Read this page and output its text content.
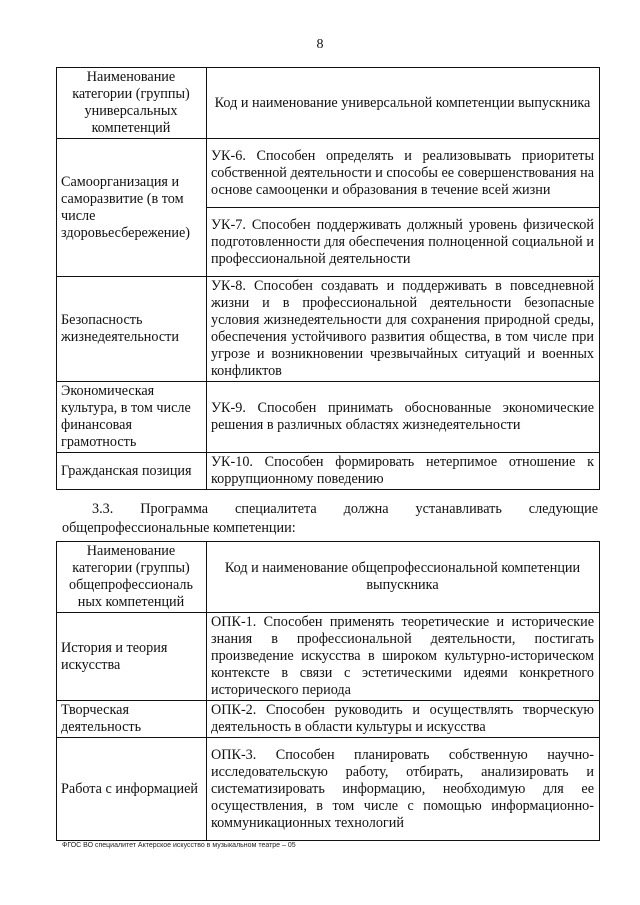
8
Наименование категории (группы) универсальных компетенций	Код и наименование универсальной компетенции выпускника
Самоорганизация и саморазвитие (в том числе здоровьесбережение)	УК-6. Способен определять и реализовывать приоритеты собственной деятельности и способы ее совершенствования на основе самооценки и образования в течение всей жизни
	УК-7. Способен поддерживать должный уровень физической подготовленности для обеспечения полноценной социальной и профессиональной деятельности
Безопасность жизнедеятельности	УК-8. Способен создавать и поддерживать в повседневной жизни и в профессиональной деятельности безопасные условия жизнедеятельности для сохранения природной среды, обеспечения устойчивого развития общества, в том числе при угрозе и возникновении чрезвычайных ситуаций и военных конфликтов
Экономическая культура, в том числе финансовая грамотность	УК-9. Способен принимать обоснованные экономические решения в различных областях жизнедеятельности
Гражданская позиция	УК-10. Способен формировать нетерпимое отношение к коррупционному поведению
3.3. Программа специалитета должна устанавливать следующие
общепрофессиональные компетенции:
Наименование категории (группы) общепрофессиональ ных компетенций	Код и наименование общепрофессиональной компетенции выпускника
История и теория искусства	ОПК-1. Способен применять теоретические и исторические знания в профессиональной деятельности, постигать произведение искусства в широком культурно-историческом контексте в связи с эстетическими идеями конкретного исторического периода
Творческая деятельность	ОПК-2. Способен руководить и осуществлять творческую деятельность в области культуры и искусства
Работа с информацией	ОПК-3. Способен планировать собственную научно-исследовательскую работу, отбирать, анализировать и систематизировать информацию, необходимую для ее осуществления, в том числе с помощью информационно-коммуникационных технологий
ФГОС ВО специалитет Актерское искусство в музыкальном театре – 05
